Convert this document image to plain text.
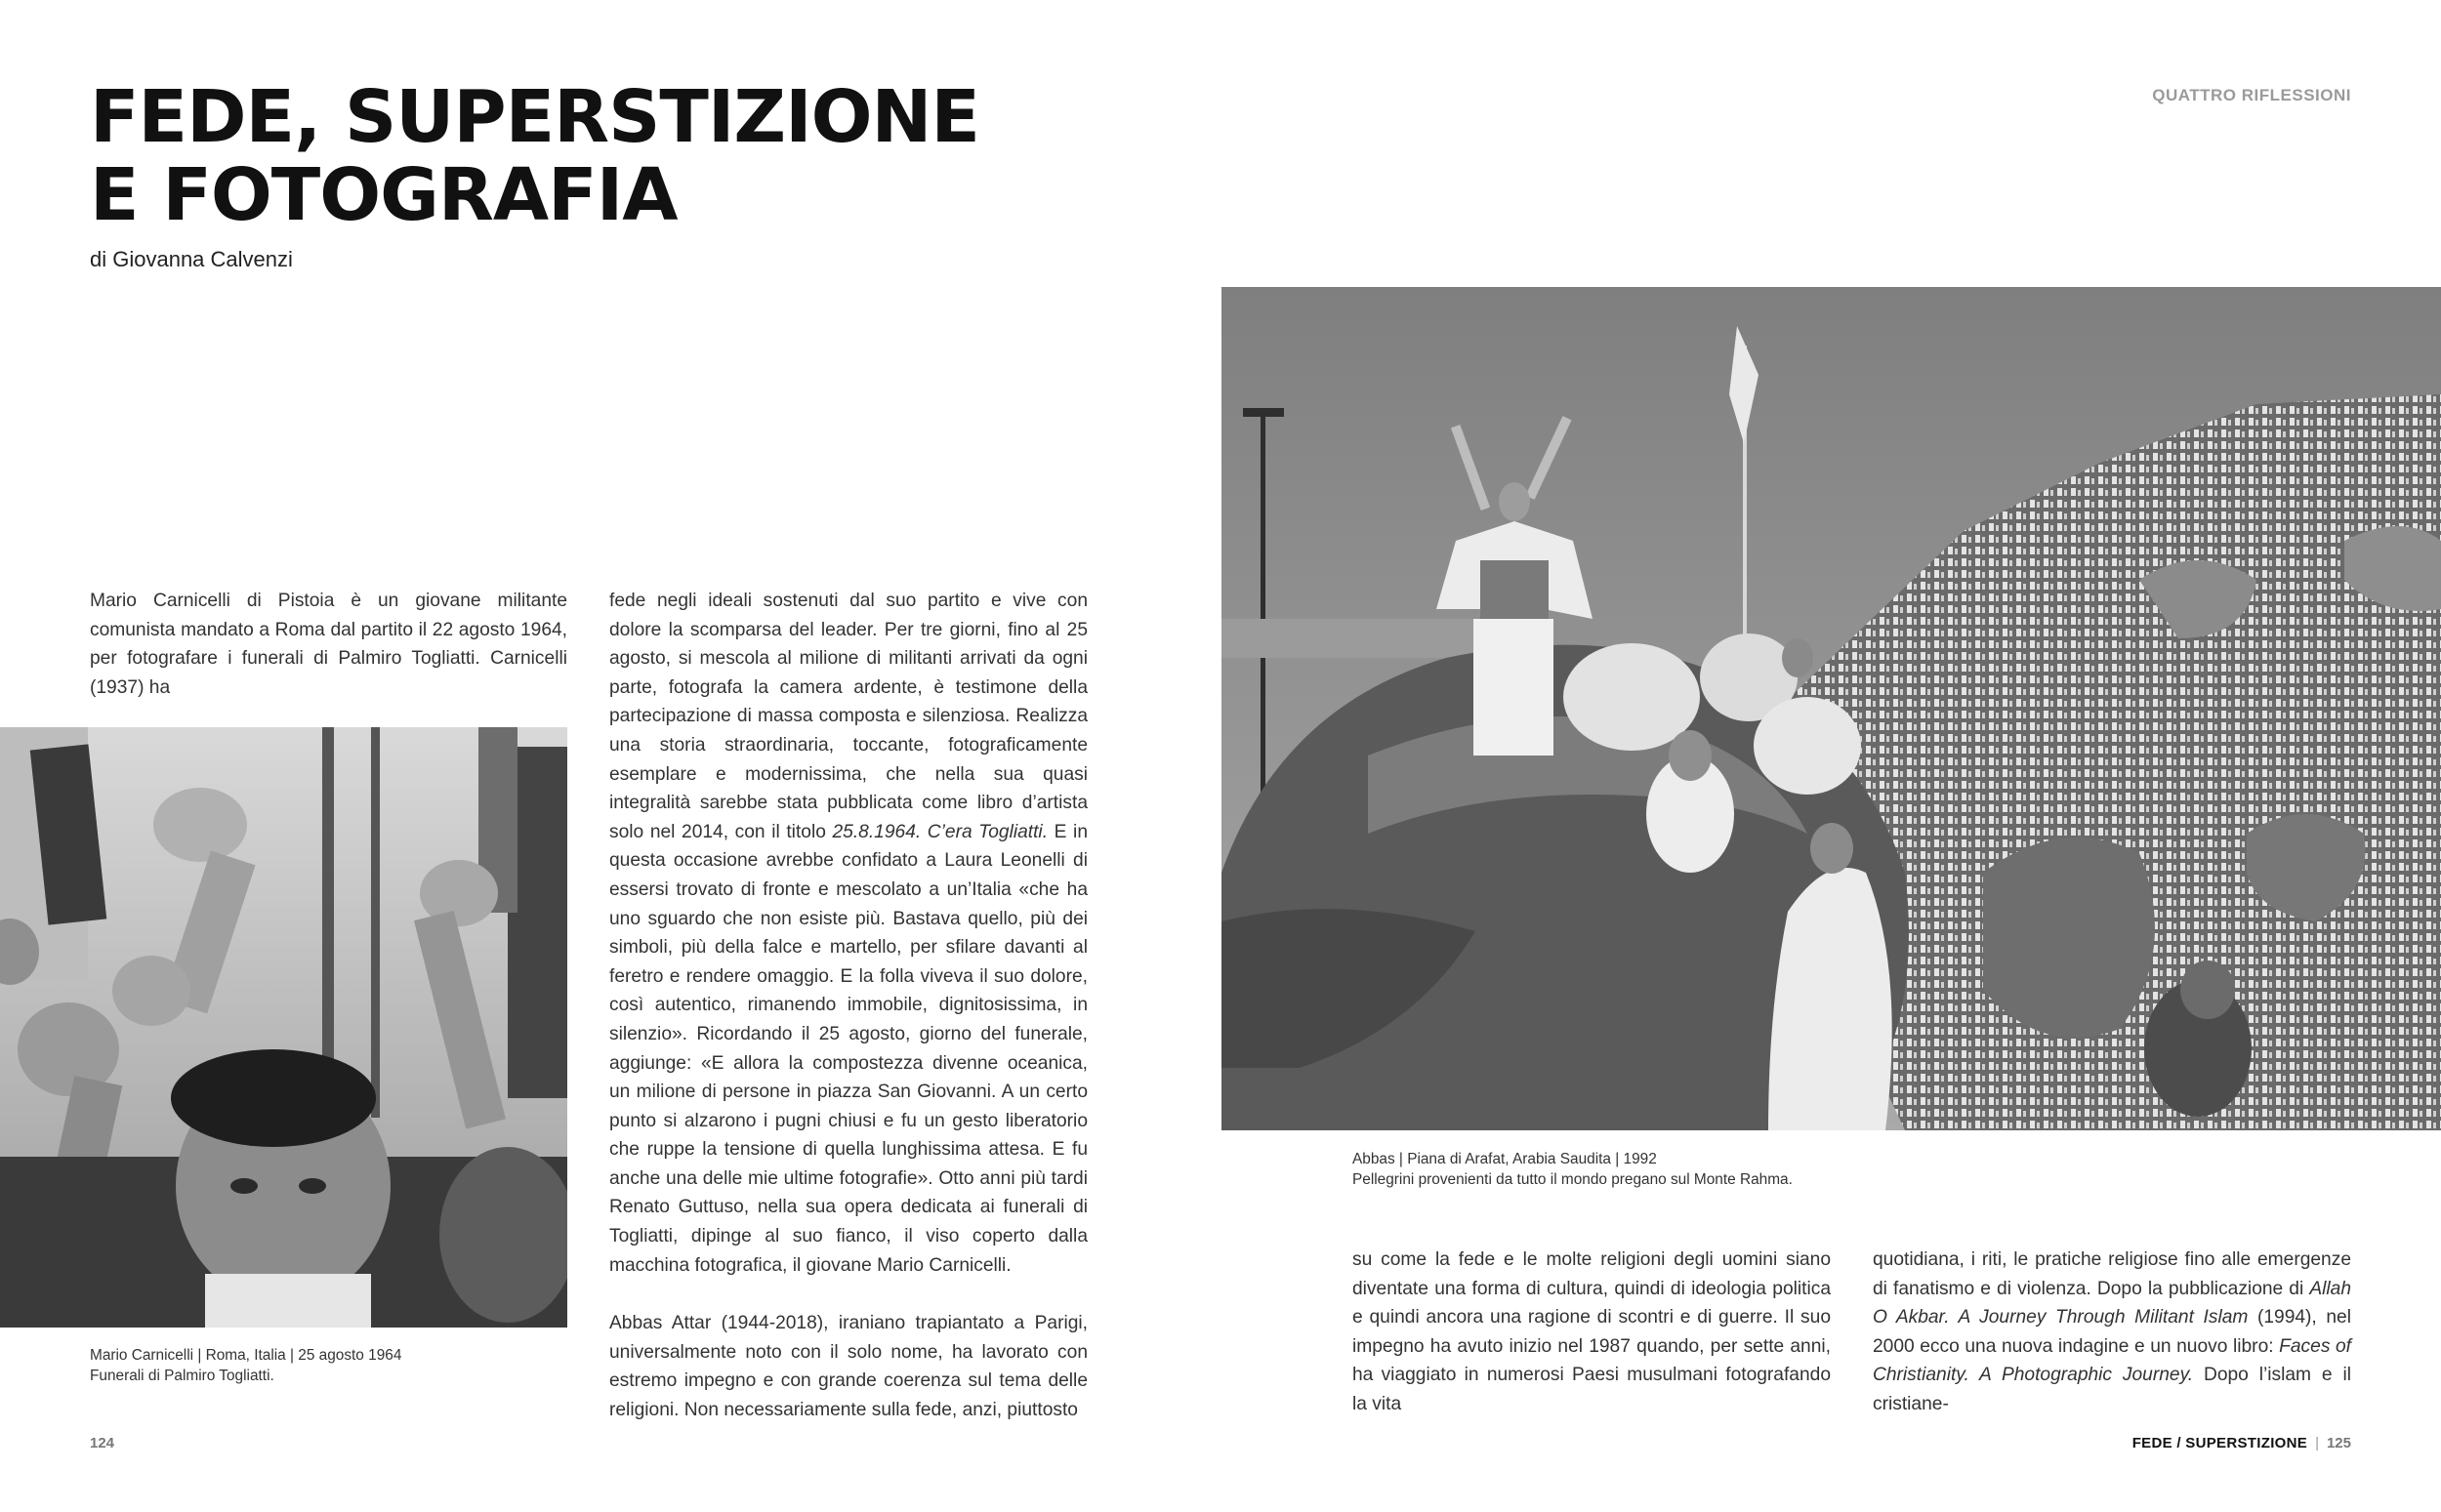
FEDE, SUPERSTIZIONE
E FOTOGRAFIA
di Giovanna Calvenzi
QUATTRO RIFLESSIONI

Mario Carnicelli di Pistoia è un giovane militante comunista mandato a Roma dal partito il 22 agosto 1964, per fotografare i funerali di Palmiro Togliatti. Carnicelli (1937) ha

fede negli ideali sostenuti dal suo partito e vive con dolore la scomparsa del leader. Per tre giorni, fino al 25 agosto, si mescola al milione di militanti arrivati da ogni parte, fotografa la camera ardente, è testimone della partecipazione di massa composta e silenziosa. Realizza una storia straordinaria, toccante, fotograficamente esemplare e modernissima, che nella sua quasi integralità sarebbe stata pubblicata come libro d’artista solo nel 2014, con il titolo 25.8.1964. C’era Togliatti. E in questa occasione avrebbe confidato a Laura Leonelli di essersi trovato di fronte e mescolato a un’Italia «che ha uno sguardo che non esiste più. Bastava quello, più dei simboli, più della falce e martello, per sfilare davanti al feretro e rendere omaggio. E la folla viveva il suo dolore, così autentico, rimanendo immobile, dignitosissima, in silenzio». Ricordando il 25 agosto, giorno del funerale, aggiunge: «E allora la compostezza divenne oceanica, un milione di persone in piazza San Giovanni. A un certo punto si alzarono i pugni chiusi e fu un gesto liberatorio che ruppe la tensione di quella lunghissima attesa. E fu anche una delle mie ultime fotografie». Otto anni più tardi Renato Guttuso, nella sua opera dedicata ai funerali di Togliatti, dipinge al suo fianco, il viso coperto dalla macchina fotografica, il giovane Mario Carnicelli.

Abbas Attar (1944-2018), iraniano trapiantato a Parigi, universalmente noto con il solo nome, ha lavorato con estremo impegno e con grande coerenza sul tema delle religioni. Non necessariamente sulla fede, anzi, piuttosto

Abbas | Piana di Arafat, Arabia Saudita | 1992
Pellegrini provenienti da tutto il mondo pregano sul Monte Rahma.
Mario Carnicelli | Roma, Italia | 25 agosto 1964
Funerali di Palmiro Togliatti.

su come la fede e le molte religioni degli uomini siano diventate una forma di cultura, quindi di ideologia politica e quindi ancora una ragione di scontri e di guerre. Il suo impegno ha avuto inizio nel 1987 quando, per sette anni, ha viaggiato in numerosi Paesi musulmani fotografando la vita

quotidiana, i riti, le pratiche religiose fino alle emergenze di fanatismo e di violenza. Dopo la pubblicazione di Allah O Akbar. A Journey Through Militant Islam (1994), nel 2000 ecco una nuova indagine e un nuovo libro: Faces of Christianity. A Photographic Journey. Dopo l’islam e il cristiane-

124	FEDE / SUPERSTIZIONE | 125
